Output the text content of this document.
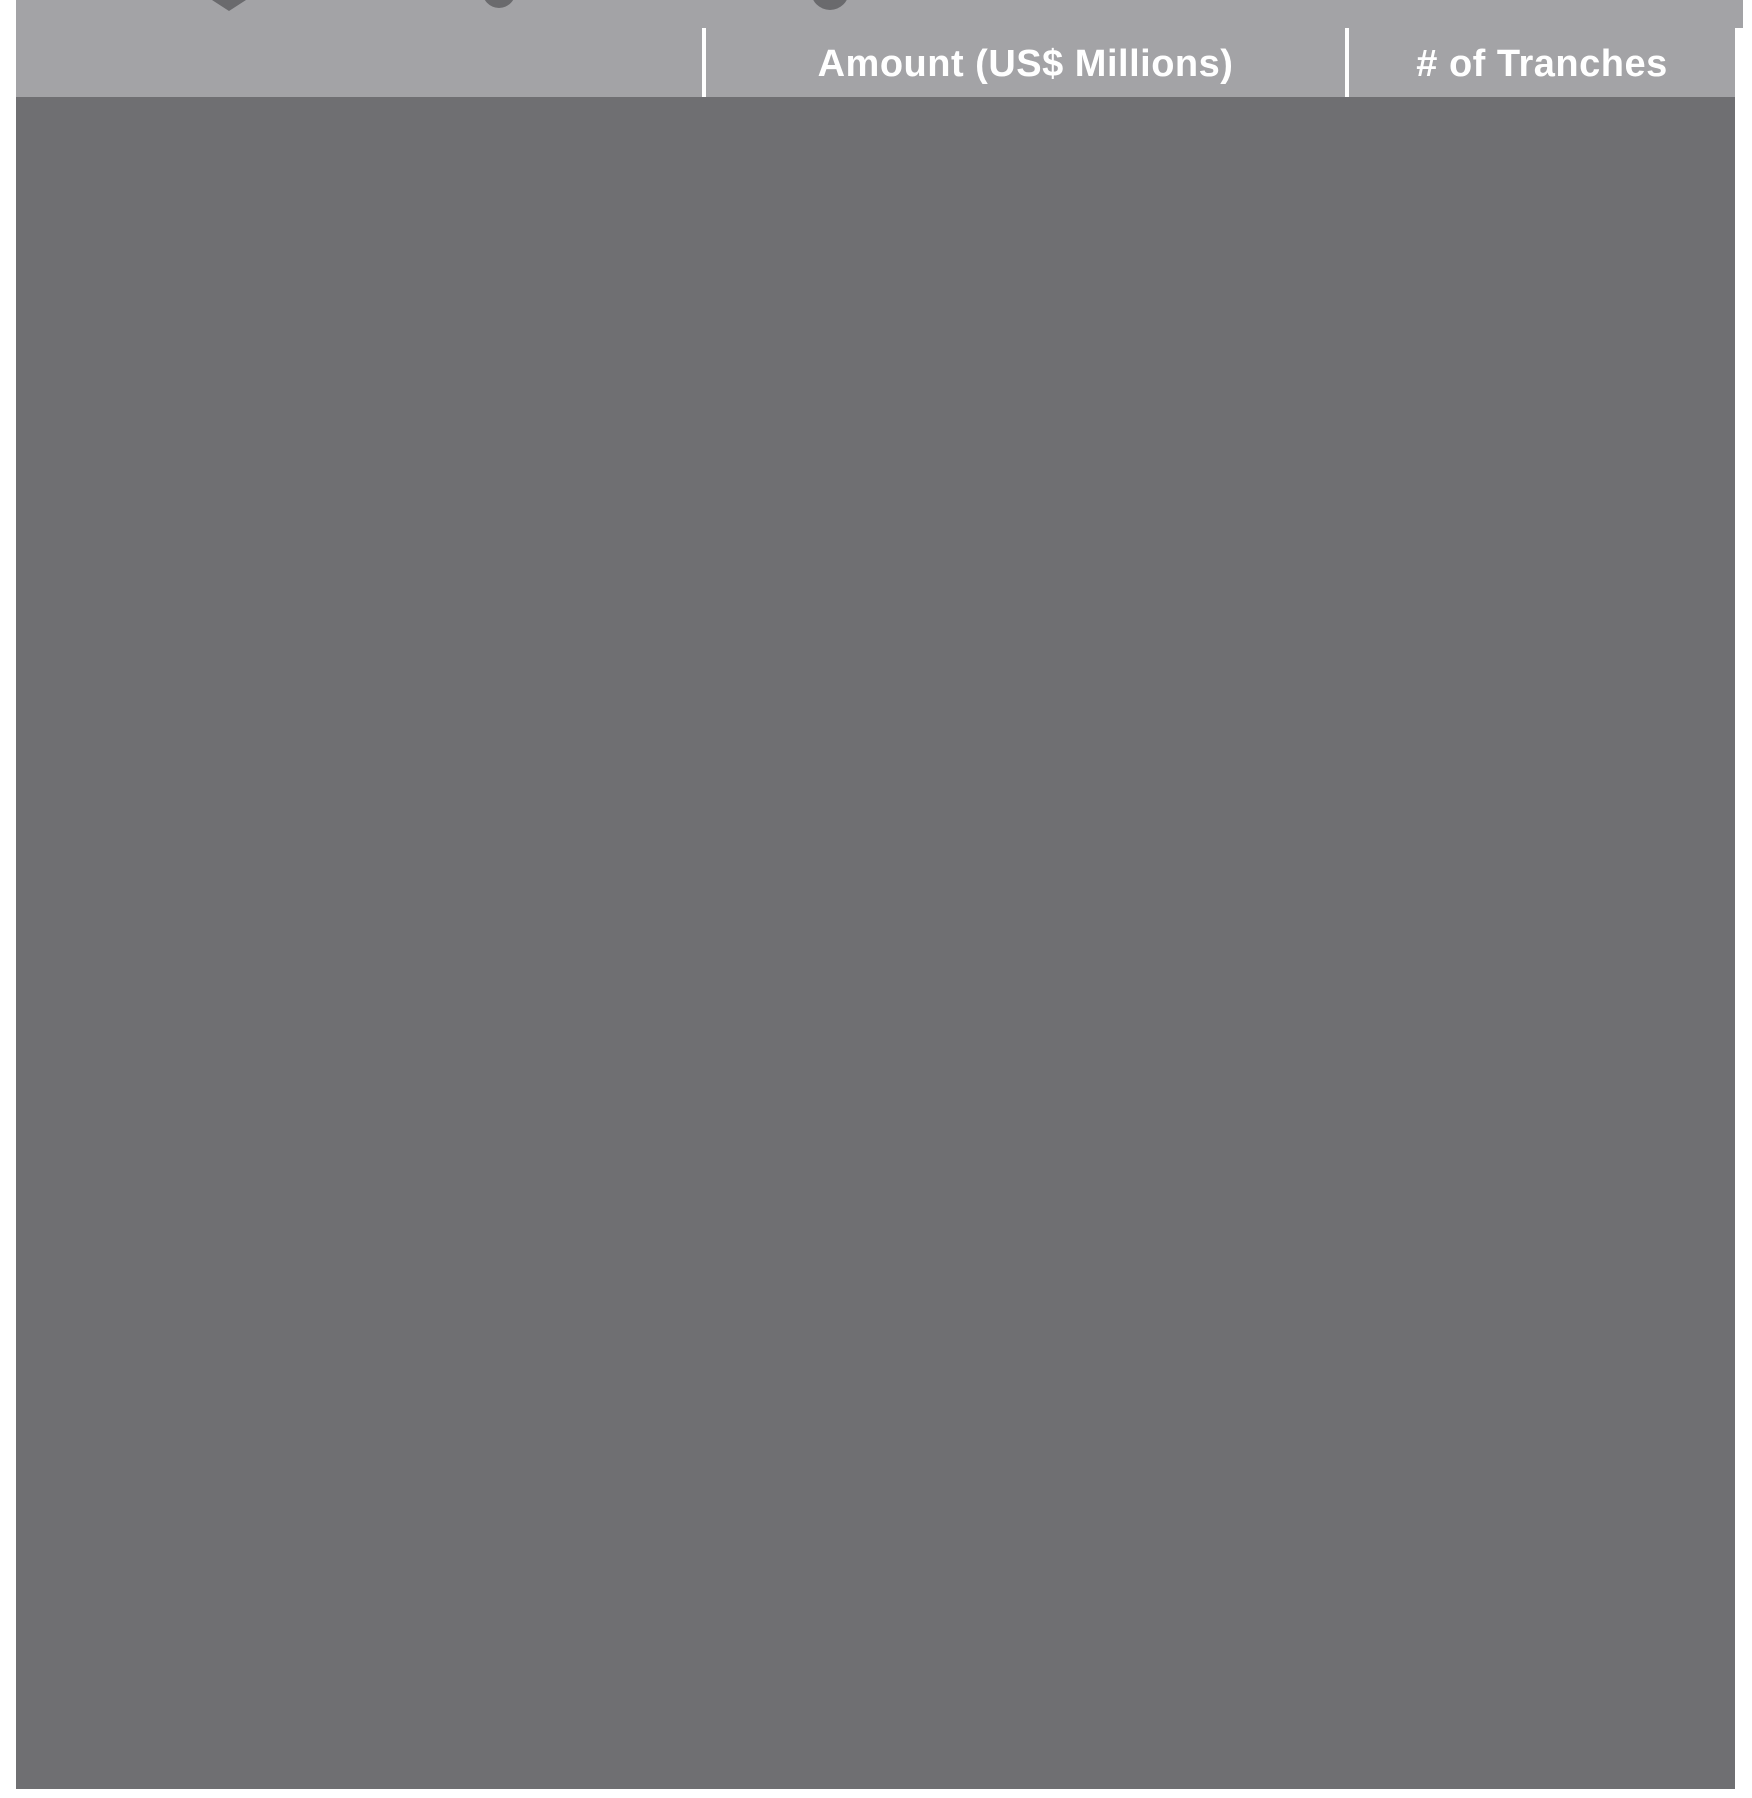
Amount (US$ Millions)	# of Tranches
